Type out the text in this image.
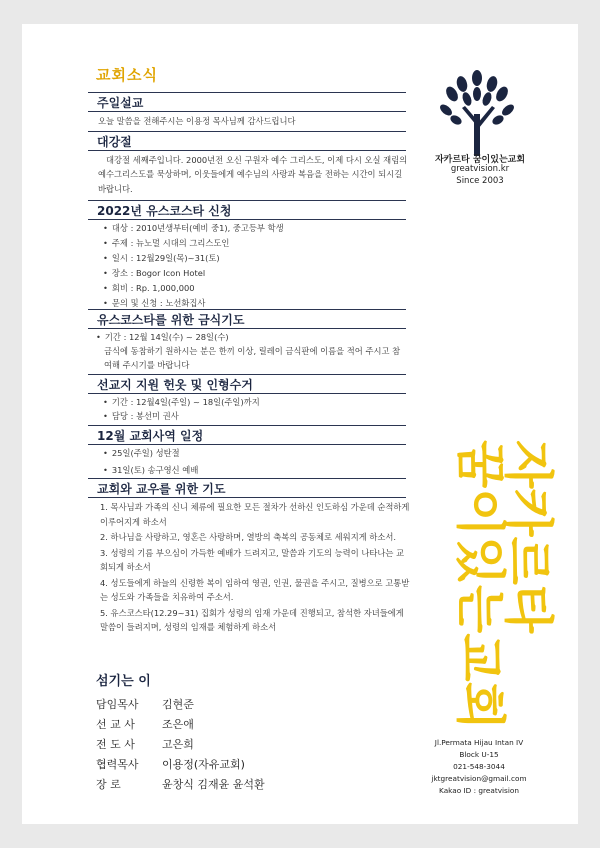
교회소식
주일설교
오늘 말씀을 전해주시는 이용정 목사님께 감사드립니다
대강절
대강절 세째주입니다. 2000년전 오신 구원자 예수 그리스도, 이제 다시 오실 재림의 예수그리스도를 묵상하며, 이웃들에게 예수님의 사랑과 복음을 전하는 시간이 되시길 바랍니다.
2022년 유스코스타 신청
• 대상 : 2010년생부터(예비 중1), 중고등부 학생
• 주제 : 뉴노멀 시대의 그리스도인
• 일시 : 12월29일(목)~31(토)
• 장소 : Bogor Icon Hotel
• 회비 : Rp. 1,000,000
• 문의 및 신청 : 노선화집사
유스코스타를 위한 금식기도
• 기간 : 12월 14일(수) ~ 28일(수)
금식에 동참하기 원하시는 분은 한끼 이상, 릴레이 금식판에 이름을 적어 주시고 참여해 주시기를 바랍니다
선교지 지원 헌옷 및 인형수거
• 기간 : 12월4일(주일) ~ 18일(주일)까지
• 담당 : 봉선미 권사
12월 교회사역 일정
• 25일(주일) 성탄절
• 31일(토) 송구영신 예배
교회와 교우를 위한 기도
1. 목사님과 가족의 신니 체류에 필요한 모든 절차가 선하신 인도하심 가운데 순적하게 이루어지게 하소서
2. 하나님을 사랑하고, 영혼은 사랑하며, 열방의 축복의 공동체로 세워지게 하소서.
3. 성령의 기름 부으심이 가득한 예배가 드려지고, 말씀과 기도의 능력이 나타나는 교회되게 하소서
4. 성도들에게 하늘의 신령한 복이 임하여 영권, 인권, 물권을 주시고, 질병으로 고통받는 성도와 가족들을 치유하여 주소서.
5. 유스코스타(12.29~31) 집회가 성령의 임재 가운데 진행되고, 참석한 자녀들에게 말씀이 들려지며, 성령의 임재를 체험하게 하소서
섬기는 이
담임목사 김현준
선 교 사 조은애
전 도 사 고은희
협력목사 이용정(자유교회)
장 로	윤창식 김재윤 윤석환
자카르타 꿈이있는교회
greatvision.kr
Since 2003
자카르타
꿈이있는교회
Jl.Permata Hijau Intan IV
Block U-15
021-548-3044
jktgreatvision@gmail.com
Kakao ID : greatvision
